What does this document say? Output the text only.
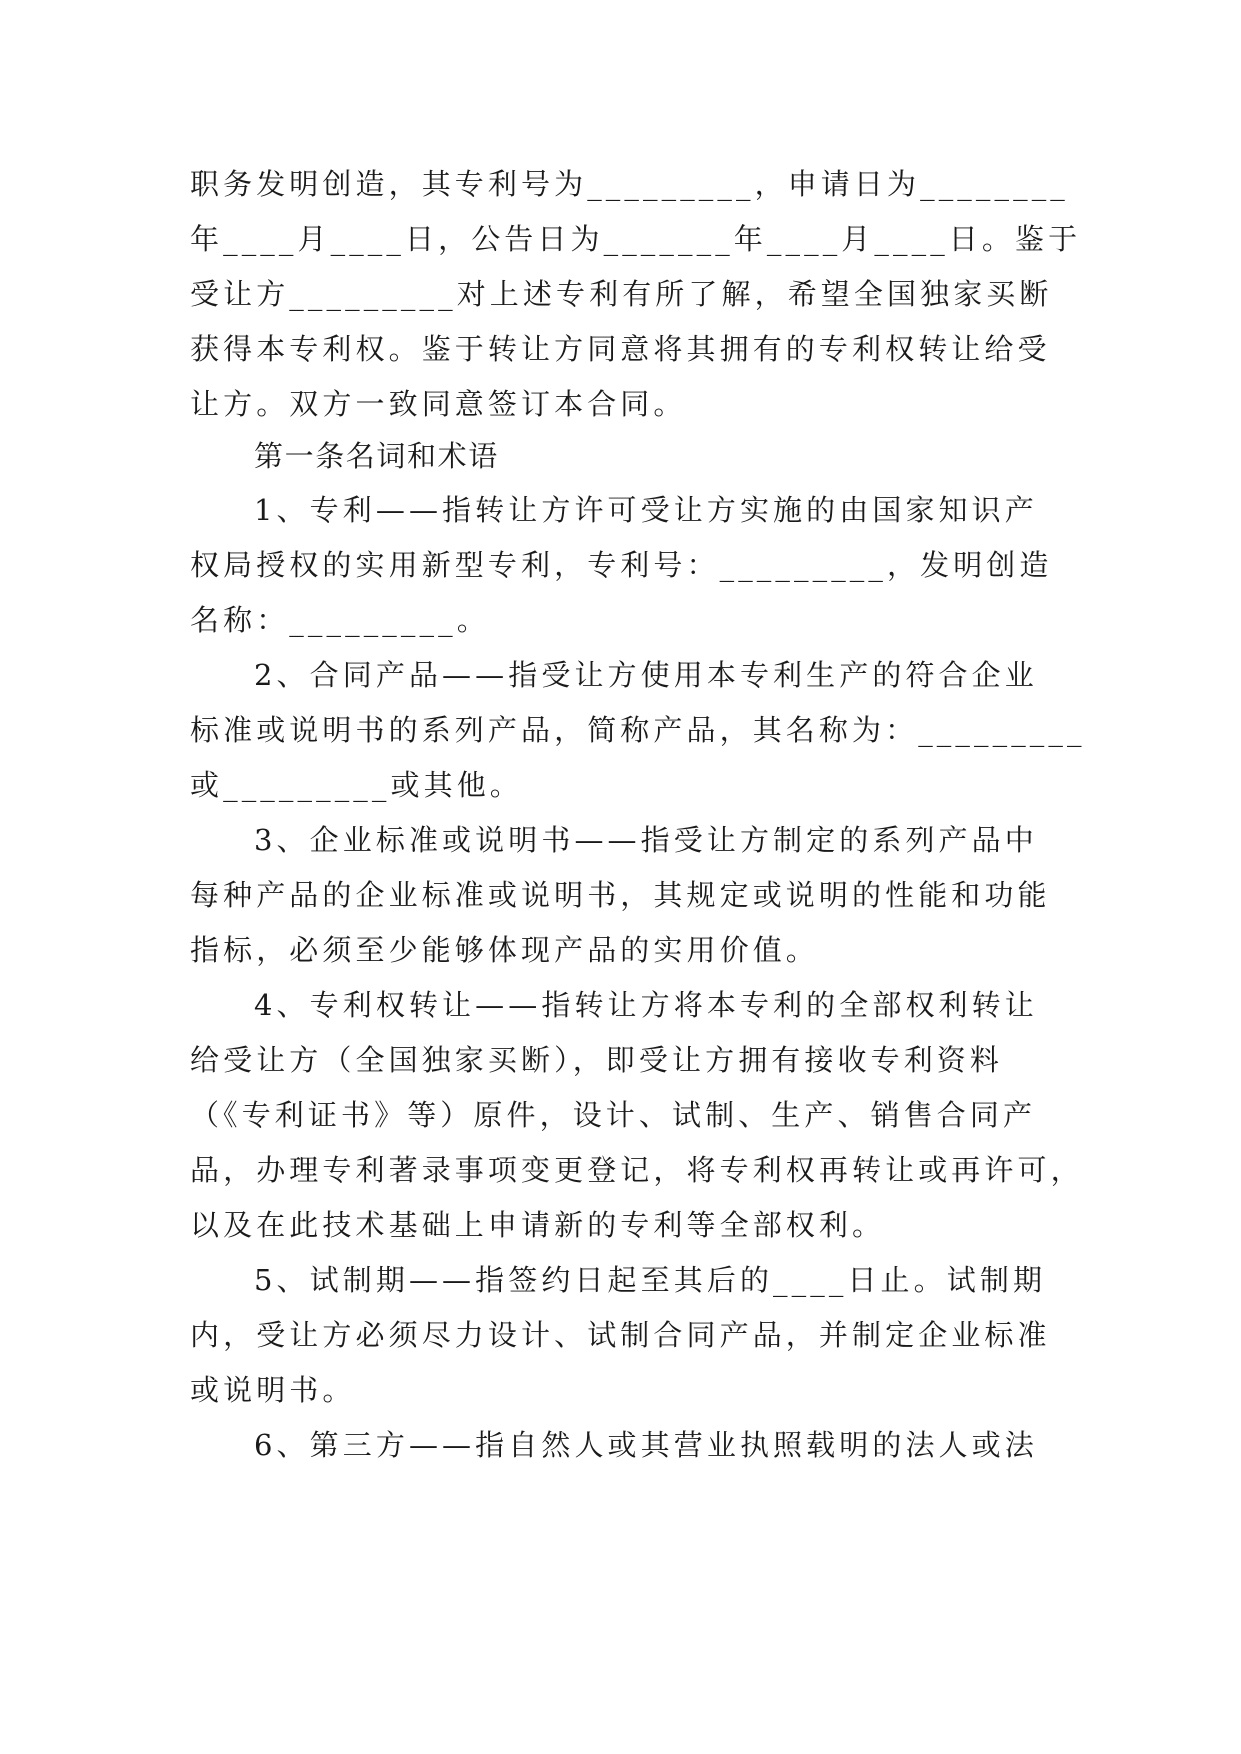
职务发明创造，其专利号为_________，申请日为________
年____月____日，公告日为_______年____月____日。鉴于
受让方_________对上述专利有所了解，希望全国独家买断
获得本专利权。鉴于转让方同意将其拥有的专利权转让给受
让方。双方一致同意签订本合同。
第一条名词和术语
1、专利——指转让方许可受让方实施的由国家知识产
权局授权的实用新型专利，专利号：_________，发明创造
名称：_________。
2、合同产品——指受让方使用本专利生产的符合企业
标准或说明书的系列产品，简称产品，其名称为：_________
或_________或其他。
3、企业标准或说明书——指受让方制定的系列产品中
每种产品的企业标准或说明书，其规定或说明的性能和功能
指标，必须至少能够体现产品的实用价值。
4、专利权转让——指转让方将本专利的全部权利转让
给受让方（全国独家买断），即受让方拥有接收专利资料
（《专利证书》等）原件，设计、试制、生产、销售合同产
品，办理专利著录事项变更登记，将专利权再转让或再许可，
以及在此技术基础上申请新的专利等全部权利。
5、试制期——指签约日起至其后的____日止。试制期
内，受让方必须尽力设计、试制合同产品，并制定企业标准
或说明书。
6、第三方——指自然人或其营业执照载明的法人或法
